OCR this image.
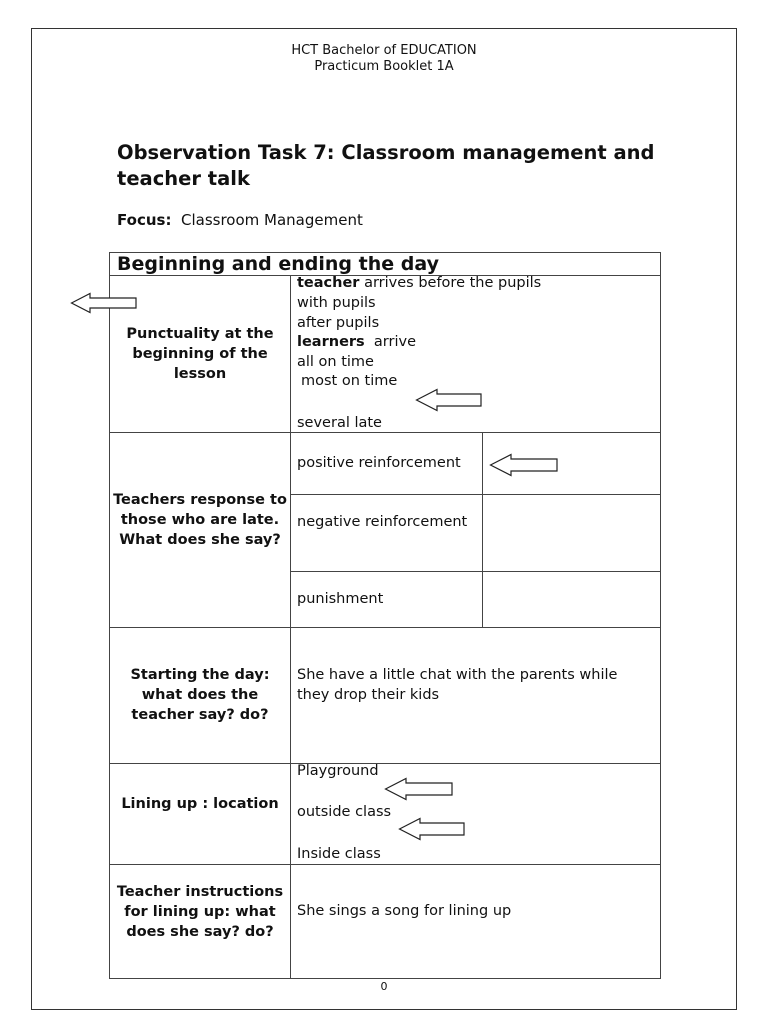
HCT Bachelor of EDUCATION
Practicum Booklet 1A
Observation Task 7: Classroom management and teacher talk
Focus: Classroom Management
Beginning and ending the day
Punctuality at the beginning of the lesson
teacher arrives before the pupils
with pupils
after pupils
learners arrive
all on time
most on time
several late
Teachers response to those who are late. What does she say?
positive reinforcement
negative reinforcement
punishment
Starting the day: what does the teacher say? do?
She have a little chat with the parents while they drop their kids
Lining up : location
Playground
outside class
Inside class
Teacher instructions for lining up: what does she say? do?
She sings a song for lining up
0
